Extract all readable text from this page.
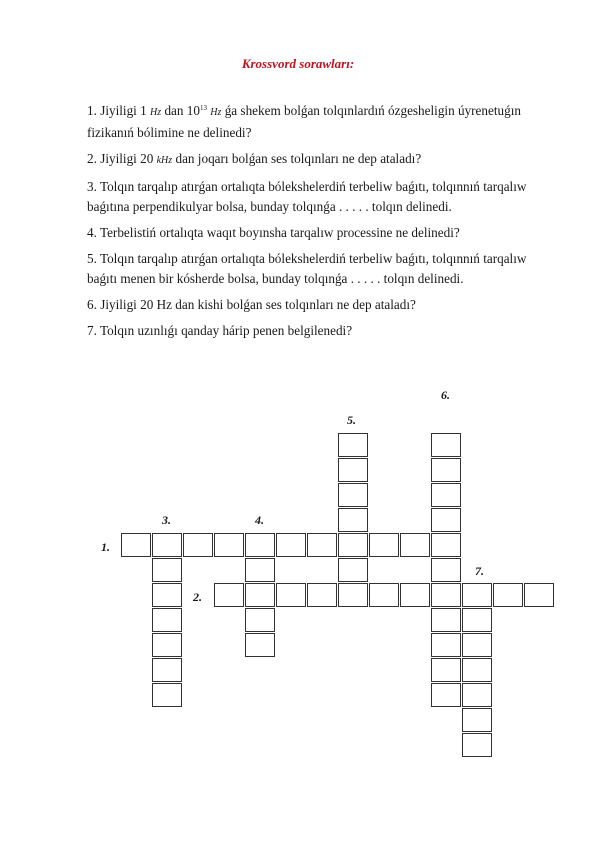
Krossvord sorawları:

1. Jiyiligi 1 Hz dan $10^{13}$ Hz ǵa shekem bolǵan tolqınlardıń ózgesheligin úyrenetuǵın fizikanıń bólimine ne delinedi?

2. Jiyiligi 20 kHz dan joqarı bolǵan ses tolqınları ne dep ataladı?

3. Tolqın tarqalıp atırǵan ortalıqta bólekshelerdiń terbeliw baǵıtı, tolqınnıń tarqalıw baǵıtına perpendikulyar bolsa, bunday tolqınǵa . . . . . tolqın delinedi.

4. Terbelistiń ortalıqta waqıt boyınsha tarqalıw processine ne delinedi?

5. Tolqın tarqalıp atırǵan ortalıqta bólekshelerdiń terbeliw baǵıtı, tolqınnıń tarqalıw baǵıtı menen bir kósherde bolsa, bunday tolqınǵa . . . . . tolqın delinedi.

6. Jiyiligi 20 Hz dan kishi bolǵan ses tolqınları ne dep ataladı?

7. Tolqın uzınlıǵı qanday hárip penen belgilenedi?

1.
2.
3.	4.
5.
6.
7.
